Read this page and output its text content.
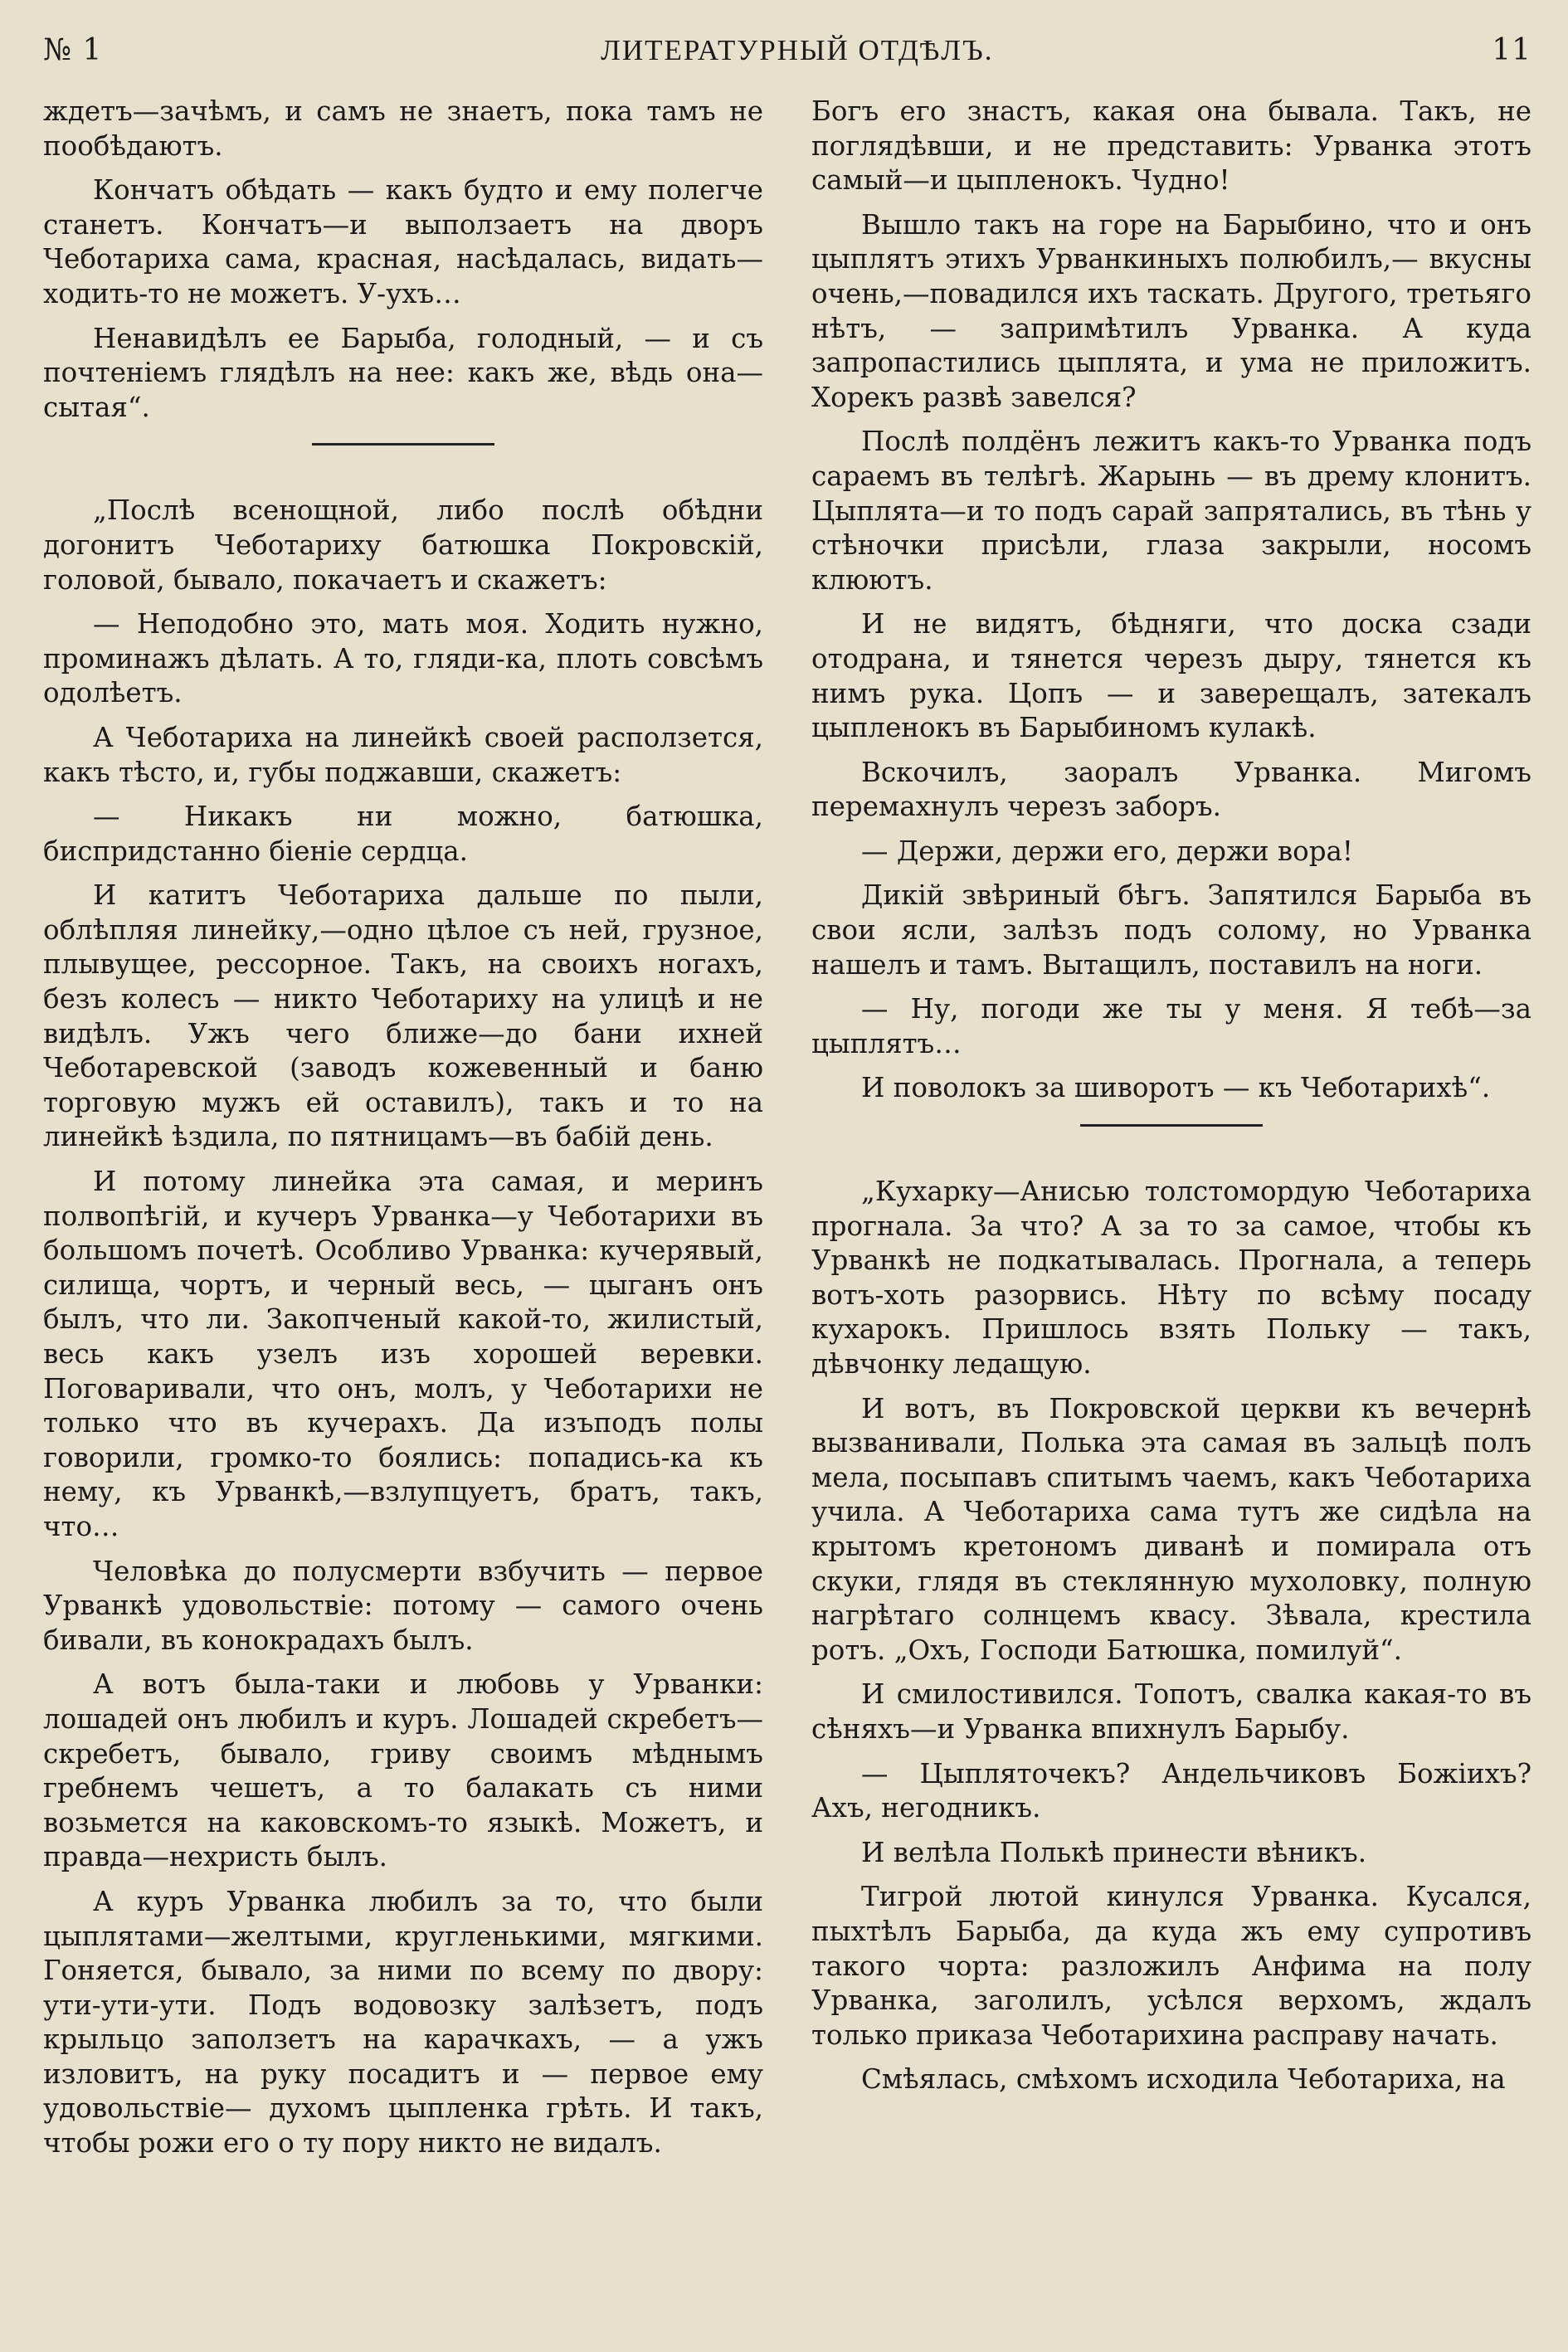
№ 1	ЛИТЕРАТУРНЫЙ ОТДѢЛЪ.	11

ждетъ—зачѣмъ, и самъ не знаетъ, пока тамъ не пообѣдаютъ.

Кончатъ обѣдать — какъ будто и ему полегче станетъ. Кончатъ—и выползаетъ на дворъ Чеботариха сама, красная, насѣдалась, видать—ходить-то не можетъ. У-ухъ…

Ненавидѣлъ ее Барыба, голодный, — и съ почтеніемъ глядѣлъ на нее: какъ же, вѣдь она—сытая“.

„Послѣ всенощной, либо послѣ обѣдни догонитъ Чеботариху батюшка Покровскій, головой, бывало, покачаетъ и скажетъ:

— Неподобно это, мать моя. Ходить нужно, проминажъ дѣлать. А то, гляди-ка, плоть совсѣмъ одолѣетъ.

А Чеботариха на линейкѣ своей расползется, какъ тѣсто, и, губы поджавши, скажетъ:

— Никакъ ни можно, батюшка, биспридстанно біеніе сердца.

И катитъ Чеботариха дальше по пыли, облѣпляя линейку,—одно цѣлое съ ней, грузное, плывущее, рессорное. Такъ, на своихъ ногахъ, безъ колесъ — никто Чеботариху на улицѣ и не видѣлъ. Ужъ чего ближе—до бани ихней Чеботаревской (заводъ кожевенный и баню торговую мужъ ей оставилъ), такъ и то на линейкѣ ѣздила, по пятницамъ—въ бабій день.

И потому линейка эта самая, и меринъ полвопѣгій, и кучеръ Урванка—у Чеботарихи въ большомъ почетѣ. Особливо Урванка: кучерявый, силища, чортъ, и черный весь, — цыганъ онъ былъ, что ли. Закопченый какой-то, жилистый, весь какъ узелъ изъ хорошей веревки. Поговаривали, что онъ, молъ, у Чеботарихи не только что въ кучерахъ. Да изъподъ полы говорили, громко-то боялись: попадись-ка къ нему, къ Урванкѣ,—взлупцуетъ, братъ, такъ, что…

Человѣка до полусмерти взбучить — первое Урванкѣ удовольствіе: потому — самого очень бивали, въ конокрадахъ былъ.

А вотъ была-таки и любовь у Урванки: лошадей онъ любилъ и куръ. Лошадей скребетъ—скребетъ, бывало, гриву своимъ мѣднымъ гребнемъ чешетъ, а то балакать съ ними возьмется на каковскомъ-то языкѣ. Можетъ, и правда—нехристь былъ.

А куръ Урванка любилъ за то, что были цыплятами—желтыми, кругленькими, мягкими. Гоняется, бывало, за ними по всему по двору: ути-ути-ути. Подъ водовозку залѣзетъ, подъ крыльцо заползетъ на карачкахъ, — а ужъ изловитъ, на руку посадитъ и — первое ему удовольствіе— духомъ цыпленка грѣть. И такъ, чтобы рожи его о ту пору никто не видалъ.

Богъ его знастъ, какая она бывала. Такъ, не поглядѣвши, и не представить: Урванка этотъ самый—и цыпленокъ. Чудно!

Вышло такъ на горе на Барыбино, что и онъ цыплятъ этихъ Урванкиныхъ полюбилъ,— вкусны очень,—повадился ихъ таскать. Другого, третьяго нѣтъ, — запримѣтилъ Урванка. А куда запропастились цыплята, и ума не приложитъ. Хорекъ развѣ завелся?

Послѣ полдёнъ лежитъ какъ-то Урванка подъ сараемъ въ телѣгѣ. Жарынь — въ дрему клонитъ. Цыплята—и то подъ сарай запрятались, въ тѣнь у стѣночки присѣли, глаза закрыли, носомъ клюютъ.

И не видятъ, бѣдняги, что доска сзади отодрана, и тянется черезъ дыру, тянется къ нимъ рука. Цопъ — и заверещалъ, затекалъ цыпленокъ въ Барыбиномъ кулакѣ.

Вскочилъ, заоралъ Урванка. Мигомъ перемахнулъ черезъ заборъ.

— Держи, держи его, держи вора!

Дикій звѣриный бѣгъ. Запятился Барыба въ свои ясли, залѣзъ подъ солому, но Урванка нашелъ и тамъ. Вытащилъ, поставилъ на ноги.

— Ну, погоди же ты у меня. Я тебѣ—за цыплятъ…

И поволокъ за шиворотъ — къ Чеботарихѣ“.

„Кухарку—Анисью толстомордую Чеботариха прогнала. За что? А за то за самое, чтобы къ Урванкѣ не подкатывалась. Прогнала, а теперь вотъ-хоть разорвись. Нѣту по всѣму посаду кухарокъ. Пришлось взять Польку — такъ, дѣвчонку ледащую.

И вотъ, въ Покровской церкви къ вечернѣ вызванивали, Полька эта самая въ зальцѣ полъ мела, посыпавъ спитымъ чаемъ, какъ Чеботариха учила. А Чеботариха сама тутъ же сидѣла на крытомъ кретономъ диванѣ и помирала отъ скуки, глядя въ стеклянную мухоловку, полную нагрѣтаго солнцемъ квасу. Зѣвала, крестила ротъ. „Охъ, Господи Батюшка, помилуй“.

И смилостивился. Топотъ, свалка какая-то въ сѣняхъ—и Урванка впихнулъ Барыбу.

— Цыпляточекъ? Андельчиковъ Божіихъ? Ахъ, негодникъ.

И велѣла Полькѣ принести вѣникъ.

Тигрой лютой кинулся Урванка. Кусался, пыхтѣлъ Барыба, да куда жъ ему супротивъ такого чорта: разложилъ Анфима на полу Урванка, заголилъ, усѣлся верхомъ, ждалъ только приказа Чеботарихина расправу начать.

Смѣялась, смѣхомъ исходила Чеботариха, на
